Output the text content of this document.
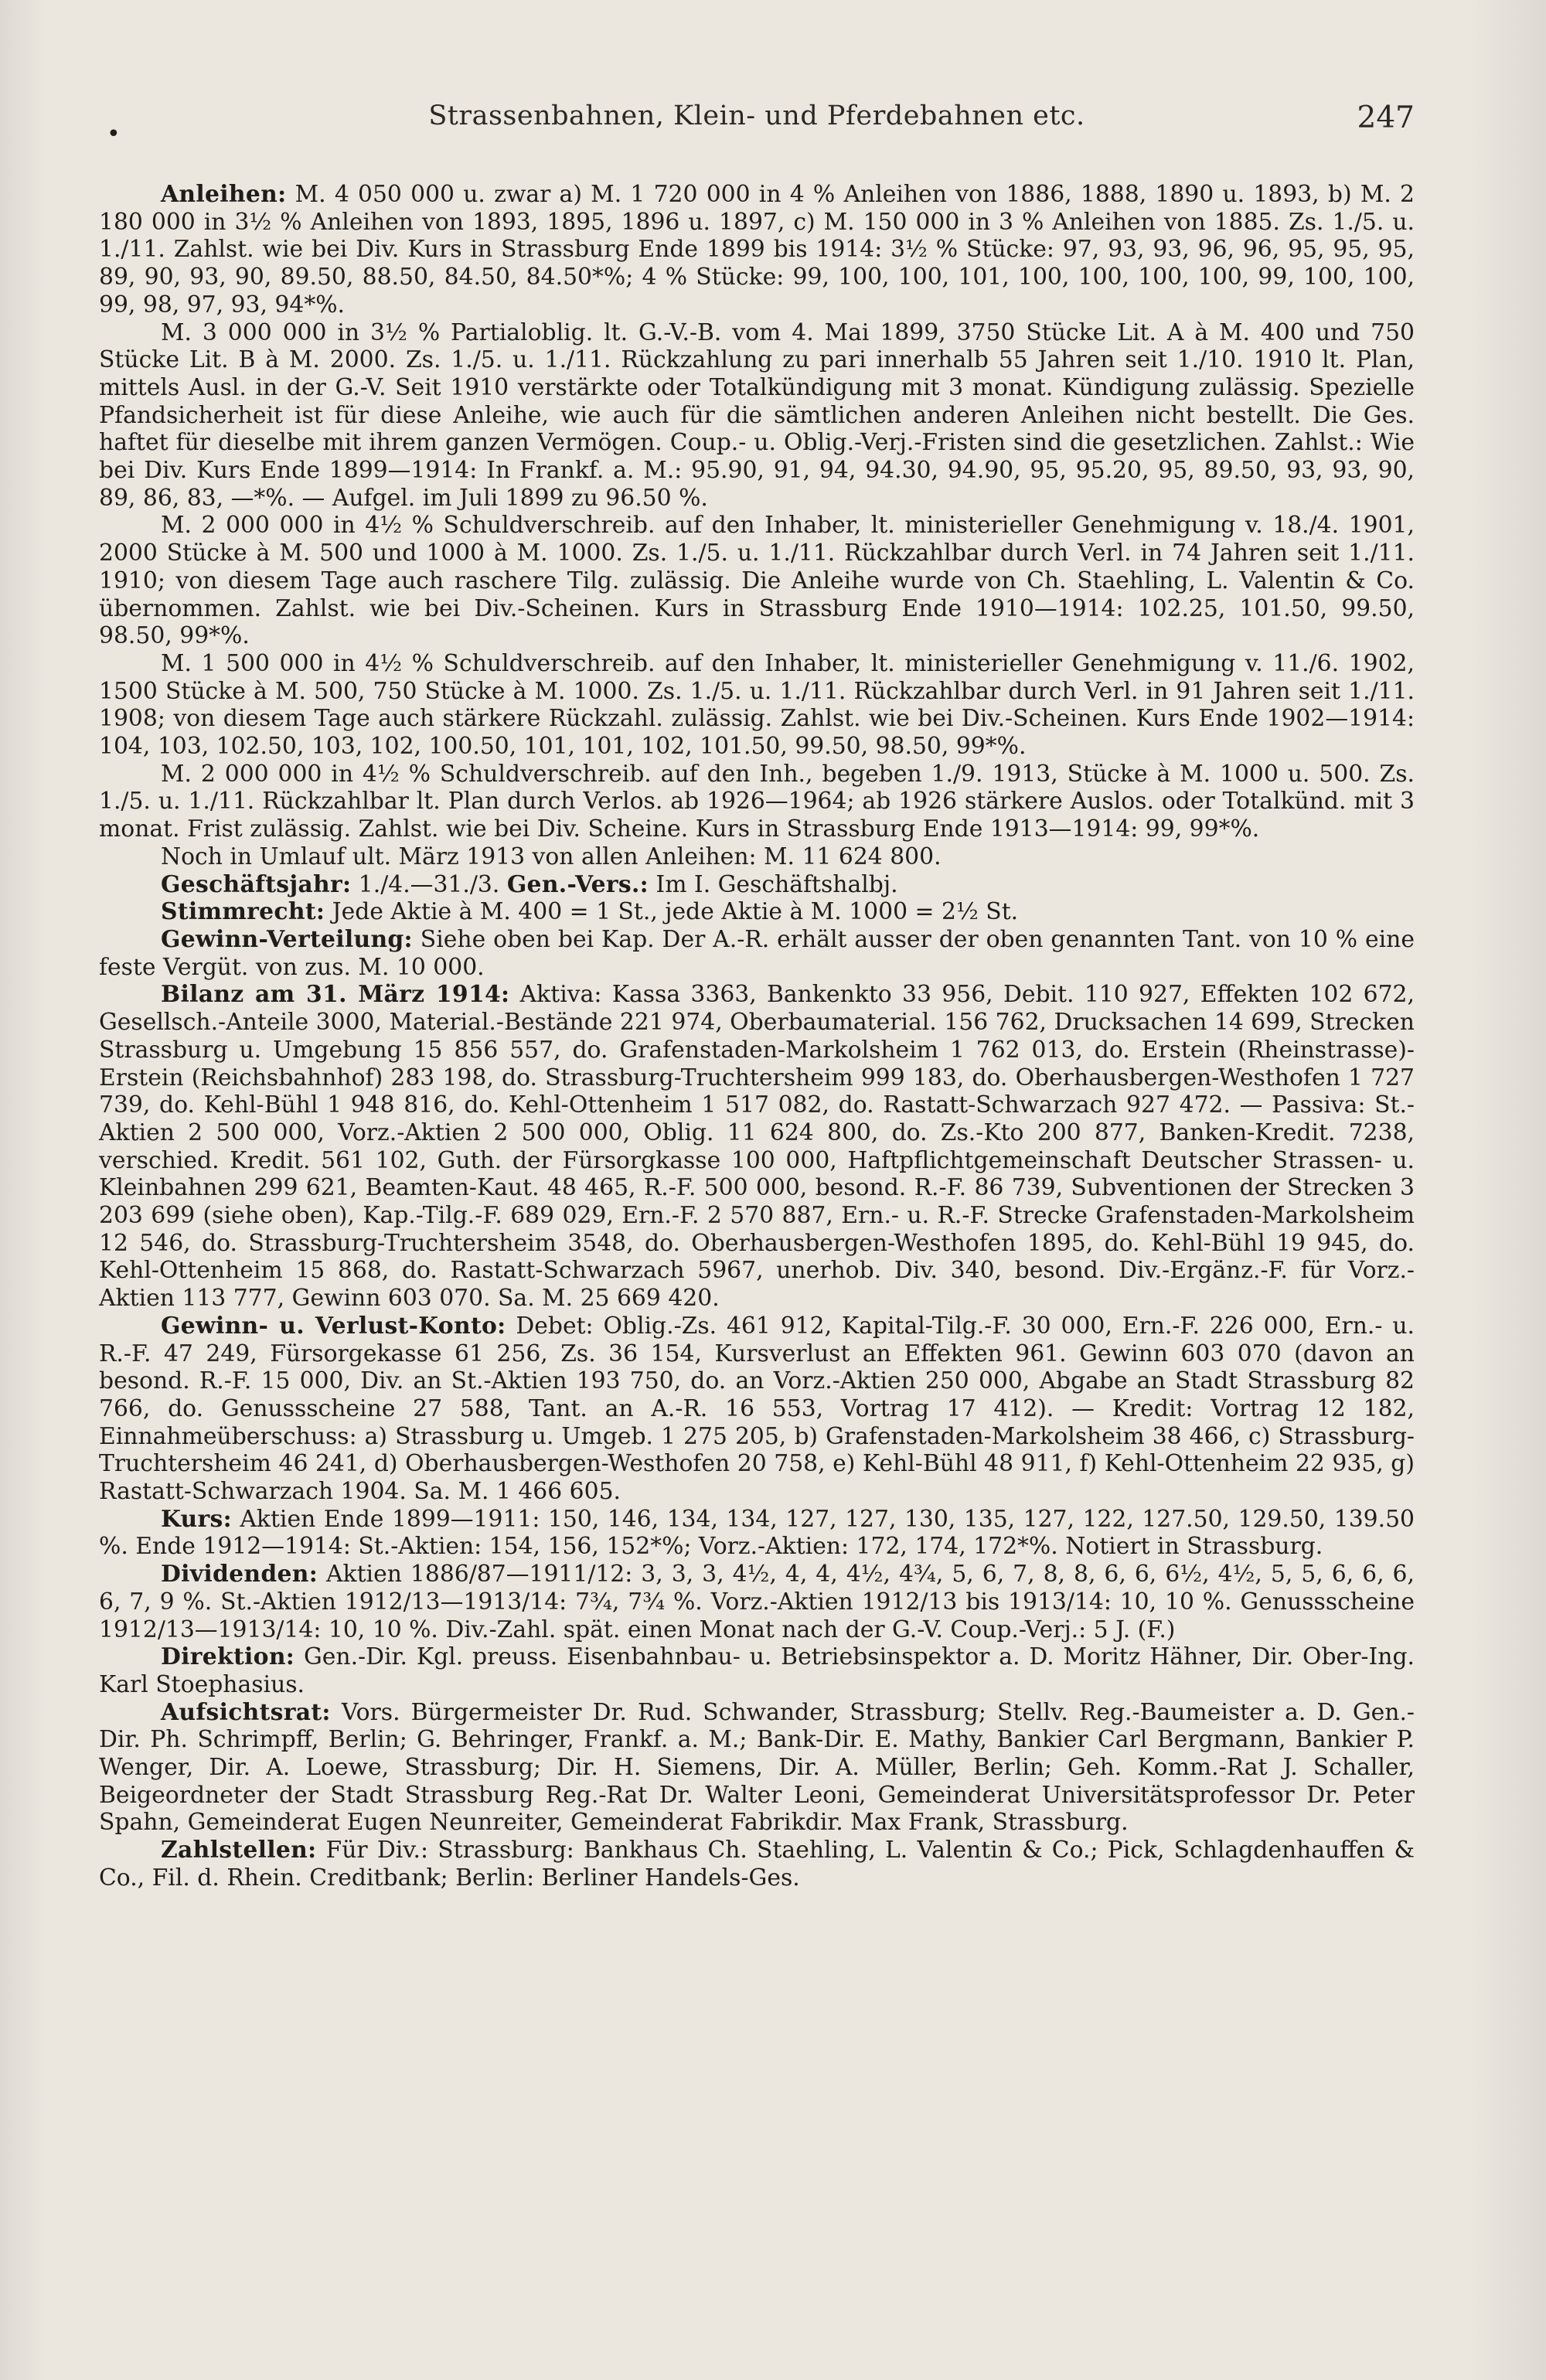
•
Strassenbahnen, Klein- und Pferdebahnen etc.	247

Anleihen: M. 4 050 000 u. zwar a) M. 1 720 000 in 4 % Anleihen von 1886, 1888, 1890 u. 1893, b) M. 2 180 000 in 3½ % Anleihen von 1893, 1895, 1896 u. 1897, c) M. 150 000 in 3 % Anleihen von 1885. Zs. 1./5. u. 1./11. Zahlst. wie bei Div. Kurs in Strassburg Ende 1899 bis 1914: 3½ % Stücke: 97, 93, 93, 96, 96, 95, 95, 95, 89, 90, 93, 90, 89.50, 88.50, 84.50, 84.50*%; 4 % Stücke: 99, 100, 100, 101, 100, 100, 100, 100, 99, 100, 100, 99, 98, 97, 93, 94*%.

M. 3 000 000 in 3½ % Partialoblig. lt. G.-V.-B. vom 4. Mai 1899, 3750 Stücke Lit. A à M. 400 und 750 Stücke Lit. B à M. 2000. Zs. 1./5. u. 1./11. Rückzahlung zu pari innerhalb 55 Jahren seit 1./10. 1910 lt. Plan, mittels Ausl. in der G.-V. Seit 1910 verstärkte oder Totalkündigung mit 3 monat. Kündigung zulässig. Spezielle Pfandsicherheit ist für diese Anleihe, wie auch für die sämtlichen anderen Anleihen nicht bestellt. Die Ges. haftet für dieselbe mit ihrem ganzen Vermögen. Coup.- u. Oblig.-Verj.-Fristen sind die gesetzlichen. Zahlst.: Wie bei Div. Kurs Ende 1899—1914: In Frankf. a. M.: 95.90, 91, 94, 94.30, 94.90, 95, 95.20, 95, 89.50, 93, 93, 90, 89, 86, 83, —*%. — Aufgel. im Juli 1899 zu 96.50 %.

M. 2 000 000 in 4½ % Schuldverschreib. auf den Inhaber, lt. ministerieller Genehmigung v. 18./4. 1901, 2000 Stücke à M. 500 und 1000 à M. 1000. Zs. 1./5. u. 1./11. Rückzahlbar durch Verl. in 74 Jahren seit 1./11. 1910; von diesem Tage auch raschere Tilg. zulässig. Die Anleihe wurde von Ch. Staehling, L. Valentin & Co. übernommen. Zahlst. wie bei Div.-Scheinen. Kurs in Strassburg Ende 1910—1914: 102.25, 101.50, 99.50, 98.50, 99*%.

M. 1 500 000 in 4½ % Schuldverschreib. auf den Inhaber, lt. ministerieller Genehmigung v. 11./6. 1902, 1500 Stücke à M. 500, 750 Stücke à M. 1000. Zs. 1./5. u. 1./11. Rückzahlbar durch Verl. in 91 Jahren seit 1./11. 1908; von diesem Tage auch stärkere Rückzahl. zulässig. Zahlst. wie bei Div.-Scheinen. Kurs Ende 1902—1914: 104, 103, 102.50, 103, 102, 100.50, 101, 101, 102, 101.50, 99.50, 98.50, 99*%.

M. 2 000 000 in 4½ % Schuldverschreib. auf den Inh., begeben 1./9. 1913, Stücke à M. 1000 u. 500. Zs. 1./5. u. 1./11. Rückzahlbar lt. Plan durch Verlos. ab 1926—1964; ab 1926 stärkere Auslos. oder Totalkünd. mit 3 monat. Frist zulässig. Zahlst. wie bei Div. Scheine. Kurs in Strassburg Ende 1913—1914: 99, 99*%.

Noch in Umlauf ult. März 1913 von allen Anleihen: M. 11 624 800.

Geschäftsjahr: 1./4.—31./3. Gen.-Vers.: Im I. Geschäftshalbj.

Stimmrecht: Jede Aktie à M. 400 = 1 St., jede Aktie à M. 1000 = 2½ St.

Gewinn-Verteilung: Siehe oben bei Kap. Der A.-R. erhält ausser der oben genannten Tant. von 10 % eine feste Vergüt. von zus. M. 10 000.

Bilanz am 31. März 1914: Aktiva: Kassa 3363, Bankenkto 33 956, Debit. 110 927, Effekten 102 672, Gesellsch.-Anteile 3000, Material.-Bestände 221 974, Oberbaumaterial. 156 762, Drucksachen 14 699, Strecken Strassburg u. Umgebung 15 856 557, do. Grafenstaden-Markolsheim 1 762 013, do. Erstein (Rheinstrasse)-Erstein (Reichsbahnhof) 283 198, do. Strassburg-Truchtersheim 999 183, do. Oberhausbergen-Westhofen 1 727 739, do. Kehl-Bühl 1 948 816, do. Kehl-Ottenheim 1 517 082, do. Rastatt-Schwarzach 927 472. — Passiva: St.-Aktien 2 500 000, Vorz.-Aktien 2 500 000, Oblig. 11 624 800, do. Zs.-Kto 200 877, Banken-Kredit. 7238, verschied. Kredit. 561 102, Guth. der Fürsorgkasse 100 000, Haftpflichtgemeinschaft Deutscher Strassen- u. Kleinbahnen 299 621, Beamten-Kaut. 48 465, R.-F. 500 000, besond. R.-F. 86 739, Subventionen der Strecken 3 203 699 (siehe oben), Kap.-Tilg.-F. 689 029, Ern.-F. 2 570 887, Ern.- u. R.-F. Strecke Grafenstaden-Markolsheim 12 546, do. Strassburg-Truchtersheim 3548, do. Oberhausbergen-Westhofen 1895, do. Kehl-Bühl 19 945, do. Kehl-Ottenheim 15 868, do. Rastatt-Schwarzach 5967, unerhob. Div. 340, besond. Div.-Ergänz.-F. für Vorz.-Aktien 113 777, Gewinn 603 070. Sa. M. 25 669 420.

Gewinn- u. Verlust-Konto: Debet: Oblig.-Zs. 461 912, Kapital-Tilg.-F. 30 000, Ern.-F. 226 000, Ern.- u. R.-F. 47 249, Fürsorgekasse 61 256, Zs. 36 154, Kursverlust an Effekten 961. Gewinn 603 070 (davon an besond. R.-F. 15 000, Div. an St.-Aktien 193 750, do. an Vorz.-Aktien 250 000, Abgabe an Stadt Strassburg 82 766, do. Genussscheine 27 588, Tant. an A.-R. 16 553, Vortrag 17 412). — Kredit: Vortrag 12 182, Einnahmeüberschuss: a) Strassburg u. Umgeb. 1 275 205, b) Grafenstaden-Markolsheim 38 466, c) Strassburg-Truchtersheim 46 241, d) Oberhausbergen-Westhofen 20 758, e) Kehl-Bühl 48 911, f) Kehl-Ottenheim 22 935, g) Rastatt-Schwarzach 1904. Sa. M. 1 466 605.

Kurs: Aktien Ende 1899—1911: 150, 146, 134, 134, 127, 127, 130, 135, 127, 122, 127.50, 129.50, 139.50 %. Ende 1912—1914: St.-Aktien: 154, 156, 152*%; Vorz.-Aktien: 172, 174, 172*%. Notiert in Strassburg.

Dividenden: Aktien 1886/87—1911/12: 3, 3, 3, 4½, 4, 4, 4½, 4¾, 5, 6, 7, 8, 8, 6, 6, 6½, 4½, 5, 5, 6, 6, 6, 6, 7, 9 %. St.-Aktien 1912/13—1913/14: 7¾, 7¾ %. Vorz.-Aktien 1912/13 bis 1913/14: 10, 10 %. Genussscheine 1912/13—1913/14: 10, 10 %. Div.-Zahl. spät. einen Monat nach der G.-V. Coup.-Verj.: 5 J. (F.)

Direktion: Gen.-Dir. Kgl. preuss. Eisenbahnbau- u. Betriebsinspektor a. D. Moritz Hähner, Dir. Ober-Ing. Karl Stoephasius.

Aufsichtsrat: Vors. Bürgermeister Dr. Rud. Schwander, Strassburg; Stellv. Reg.-Baumeister a. D. Gen.-Dir. Ph. Schrimpff, Berlin; G. Behringer, Frankf. a. M.; Bank-Dir. E. Mathy, Bankier Carl Bergmann, Bankier P. Wenger, Dir. A. Loewe, Strassburg; Dir. H. Siemens, Dir. A. Müller, Berlin; Geh. Komm.-Rat J. Schaller, Beigeordneter der Stadt Strassburg Reg.-Rat Dr. Walter Leoni, Gemeinderat Universitätsprofessor Dr. Peter Spahn, Gemeinderat Eugen Neunreiter, Gemeinderat Fabrikdir. Max Frank, Strassburg.

Zahlstellen: Für Div.: Strassburg: Bankhaus Ch. Staehling, L. Valentin & Co.; Pick, Schlagdenhauffen & Co., Fil. d. Rhein. Creditbank; Berlin: Berliner Handels-Ges.
